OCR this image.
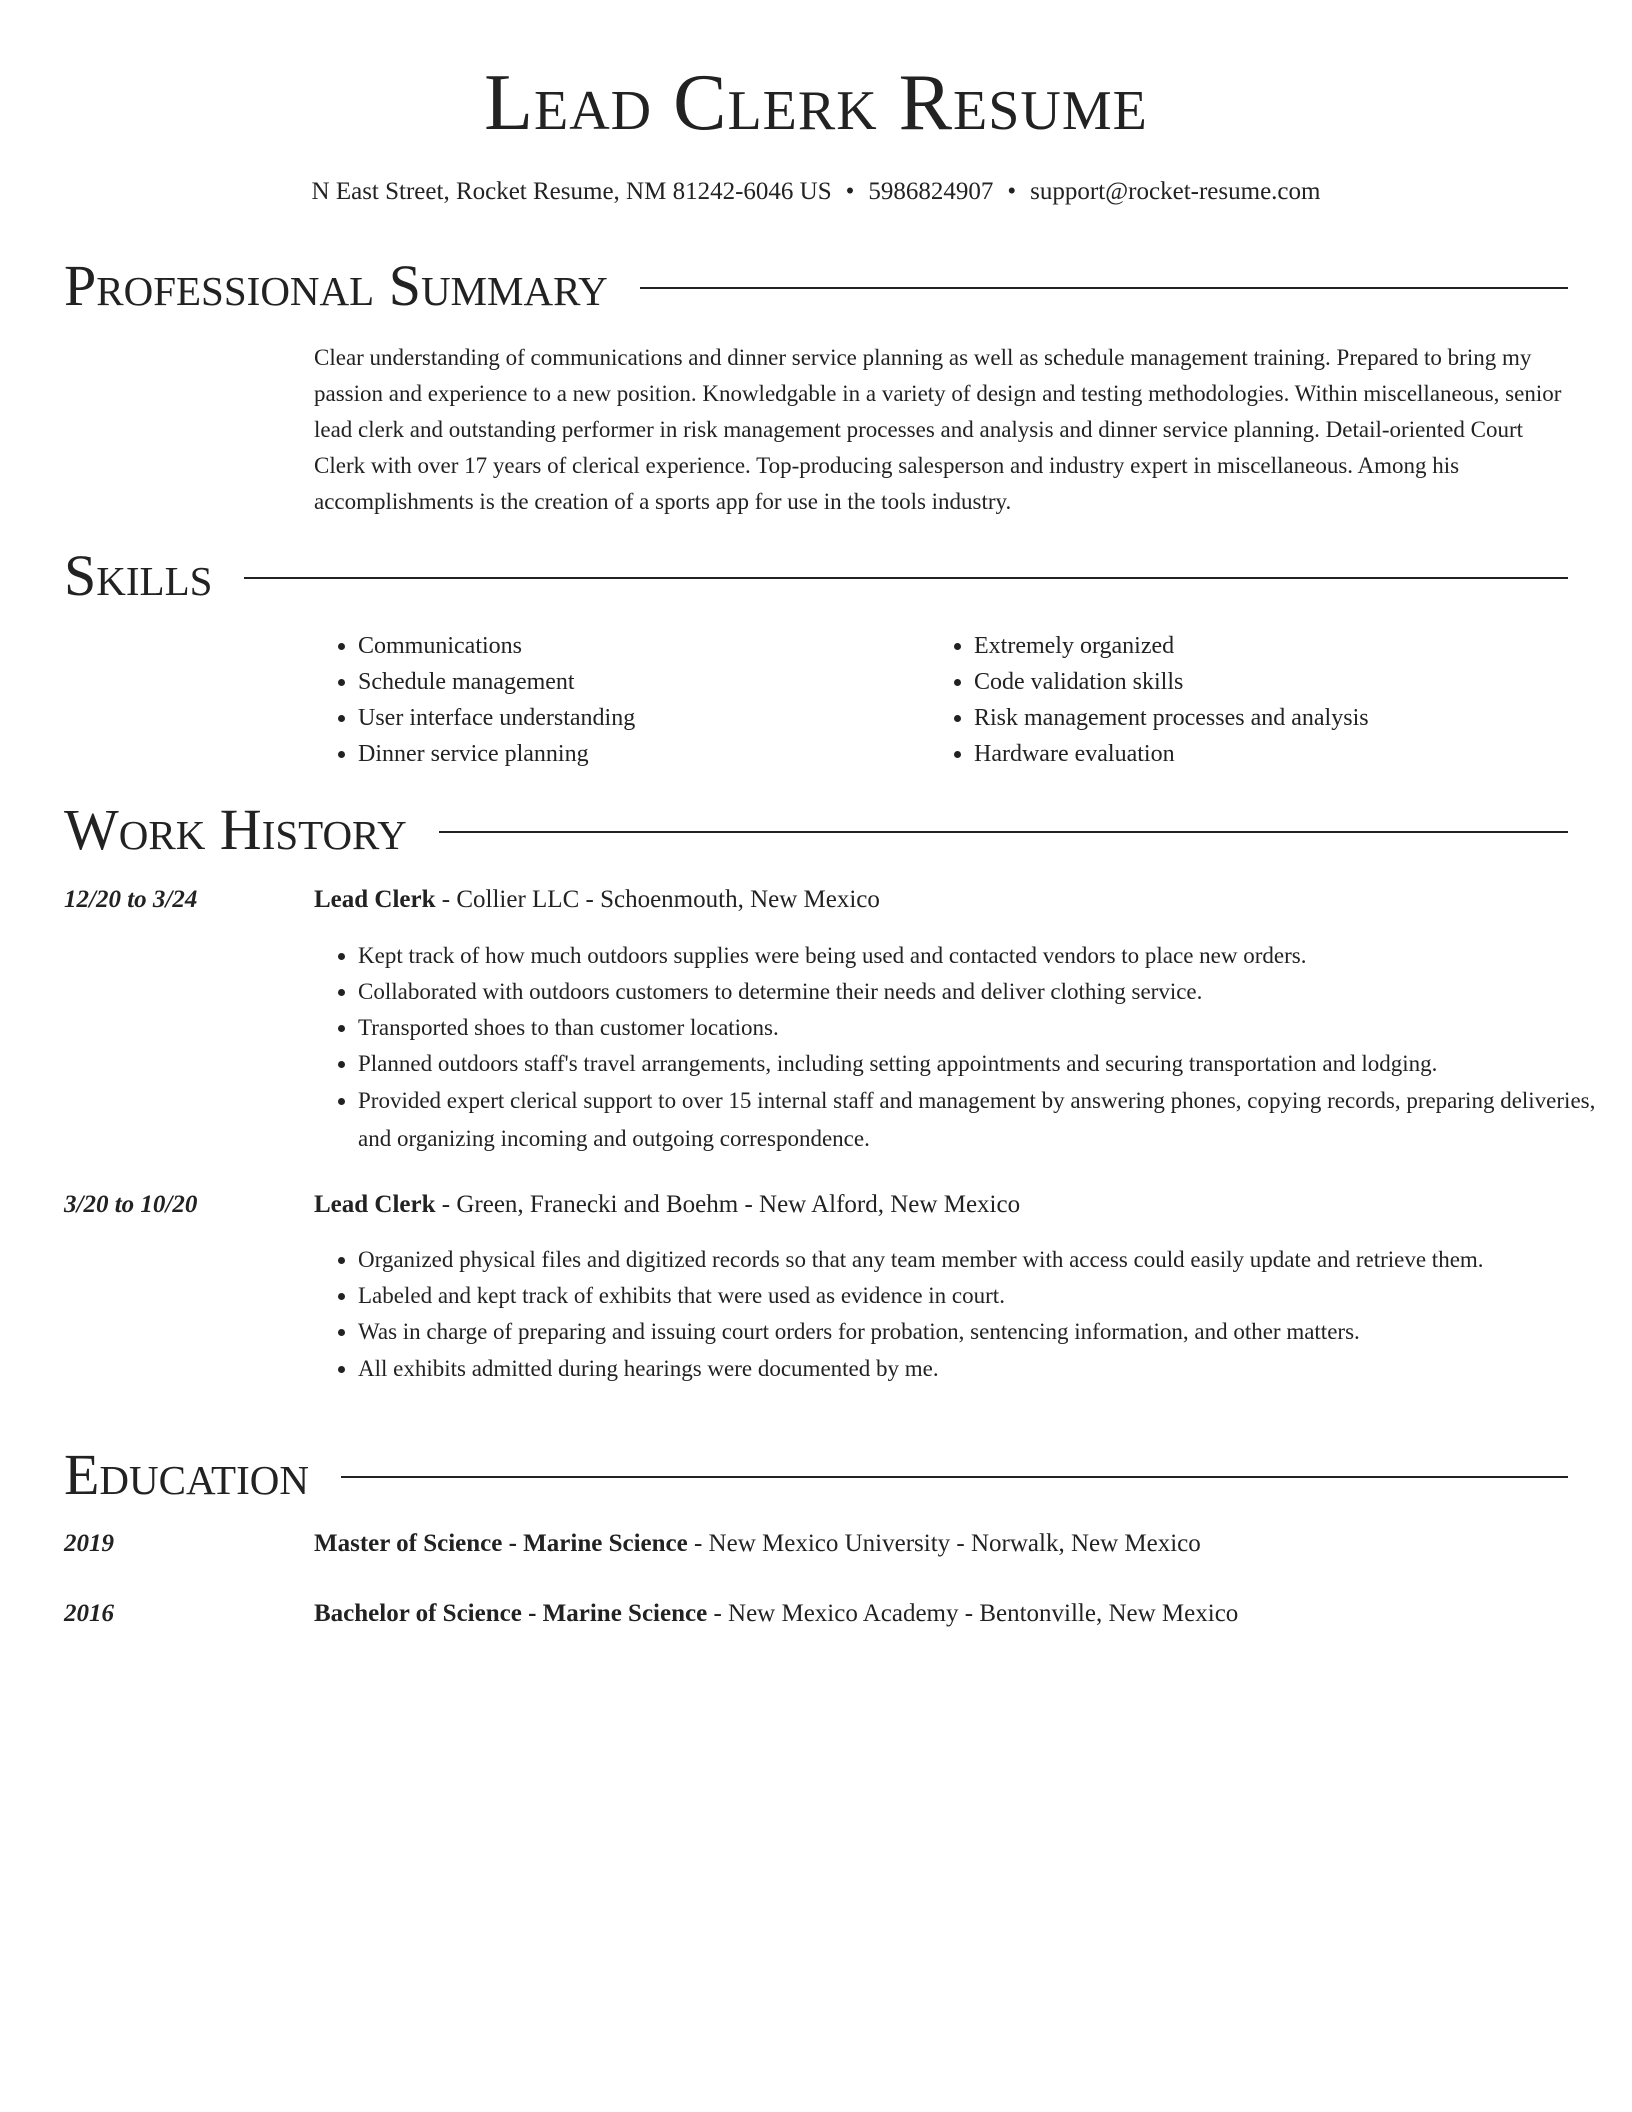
Lead Clerk Resume
N East Street, Rocket Resume, NM 81242-6046 US • 5986824907 • support@rocket-resume.com
Professional Summary

Clear understanding of communications and dinner service planning as well as schedule management training. Prepared to bring my passion and experience to a new position. Knowledgable in a variety of design and testing methodologies. Within miscellaneous, senior lead clerk and outstanding performer in risk management processes and analysis and dinner service planning. Detail-oriented Court Clerk with over 17 years of clerical experience. Top-producing salesperson and industry expert in miscellaneous. Among his accomplishments is the creation of a sports app for use in the tools industry.

Skills
• Communications
• Schedule management
• User interface understanding
• Dinner service planning
• Extremely organized
• Code validation skills
• Risk management processes and analysis
• Hardware evaluation
Work History
12/20 to 3/24	Lead Clerk - Collier LLC - Schoenmouth, New Mexico
• Kept track of how much outdoors supplies were being used and contacted vendors to place new orders.
• Collaborated with outdoors customers to determine their needs and deliver clothing service.
• Transported shoes to than customer locations.
• Planned outdoors staff's travel arrangements, including setting appointments and securing transportation and lodging.
• Provided expert clerical support to over 15 internal staff and management by answering phones, copying records, preparing deliveries, and organizing incoming and outgoing correspondence.
3/20 to 10/20	Lead Clerk - Green, Franecki and Boehm - New Alford, New Mexico
• Organized physical files and digitized records so that any team member with access could easily update and retrieve them.
• Labeled and kept track of exhibits that were used as evidence in court.
• Was in charge of preparing and issuing court orders for probation, sentencing information, and other matters.
• All exhibits admitted during hearings were documented by me.
Education
2019	Master of Science - Marine Science - New Mexico University - Norwalk, New Mexico
2016	Bachelor of Science - Marine Science - New Mexico Academy - Bentonville, New Mexico
